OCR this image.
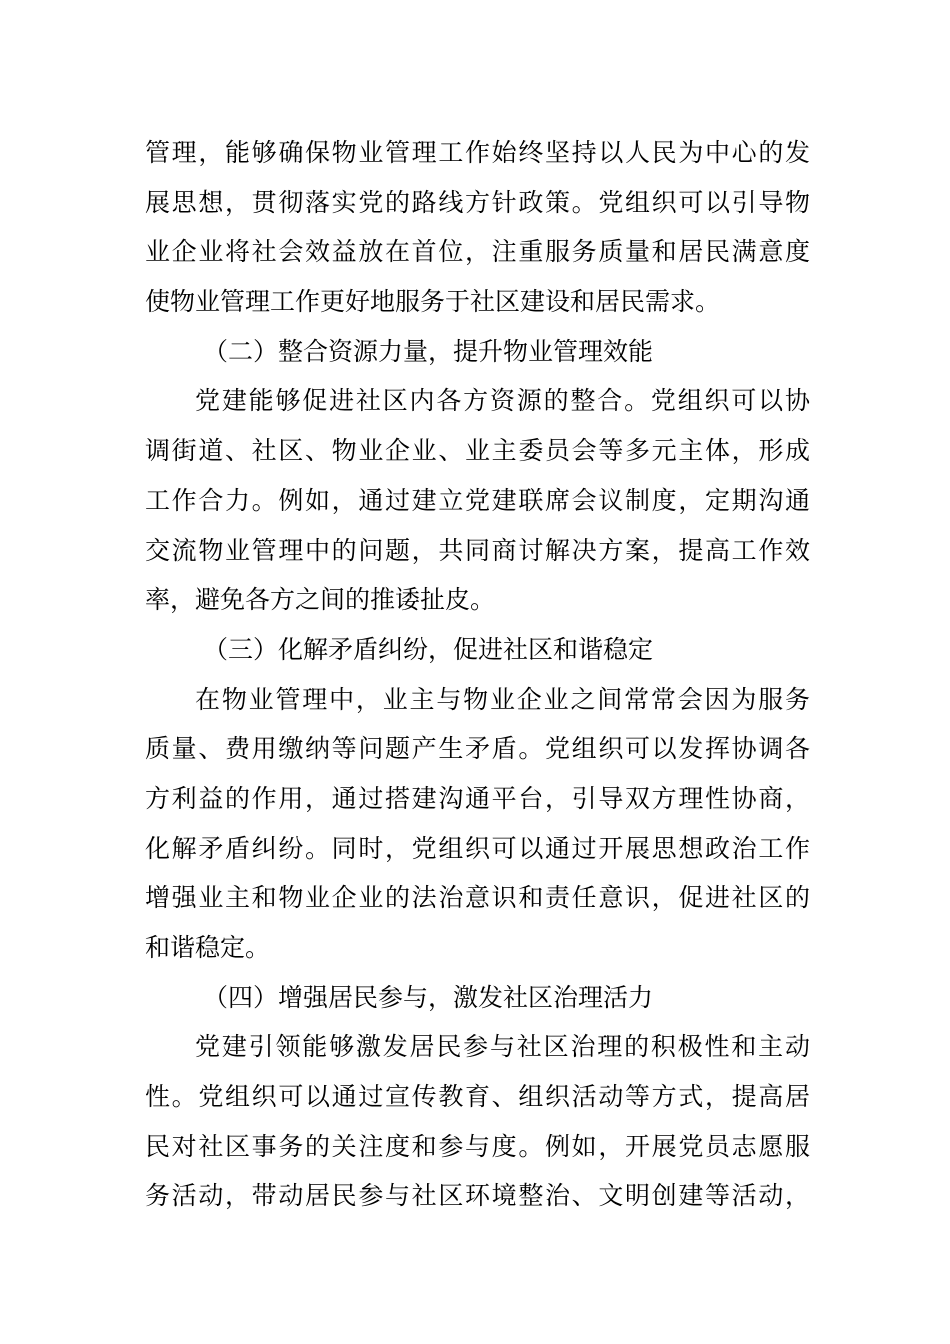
管理，能够确保物业管理工作始终坚持以人民为中心的发
展思想，贯彻落实党的路线方针政策。党组织可以引导物
业企业将社会效益放在首位，注重服务质量和居民满意度
使物业管理工作更好地服务于社区建设和居民需求。
（二）整合资源力量，提升物业管理效能
党建能够促进社区内各方资源的整合。党组织可以协
调街道、社区、物业企业、业主委员会等多元主体，形成
工作合力。例如，通过建立党建联席会议制度，定期沟通
交流物业管理中的问题，共同商讨解决方案，提高工作效
率，避免各方之间的推诿扯皮。
（三）化解矛盾纠纷，促进社区和谐稳定
在物业管理中，业主与物业企业之间常常会因为服务
质量、费用缴纳等问题产生矛盾。党组织可以发挥协调各
方利益的作用，通过搭建沟通平台，引导双方理性协商，
化解矛盾纠纷。同时，党组织可以通过开展思想政治工作
增强业主和物业企业的法治意识和责任意识，促进社区的
和谐稳定。
（四）增强居民参与，激发社区治理活力
党建引领能够激发居民参与社区治理的积极性和主动
性。党组织可以通过宣传教育、组织活动等方式，提高居
民对社区事务的关注度和参与度。例如，开展党员志愿服
务活动，带动居民参与社区环境整治、文明创建等活动，
